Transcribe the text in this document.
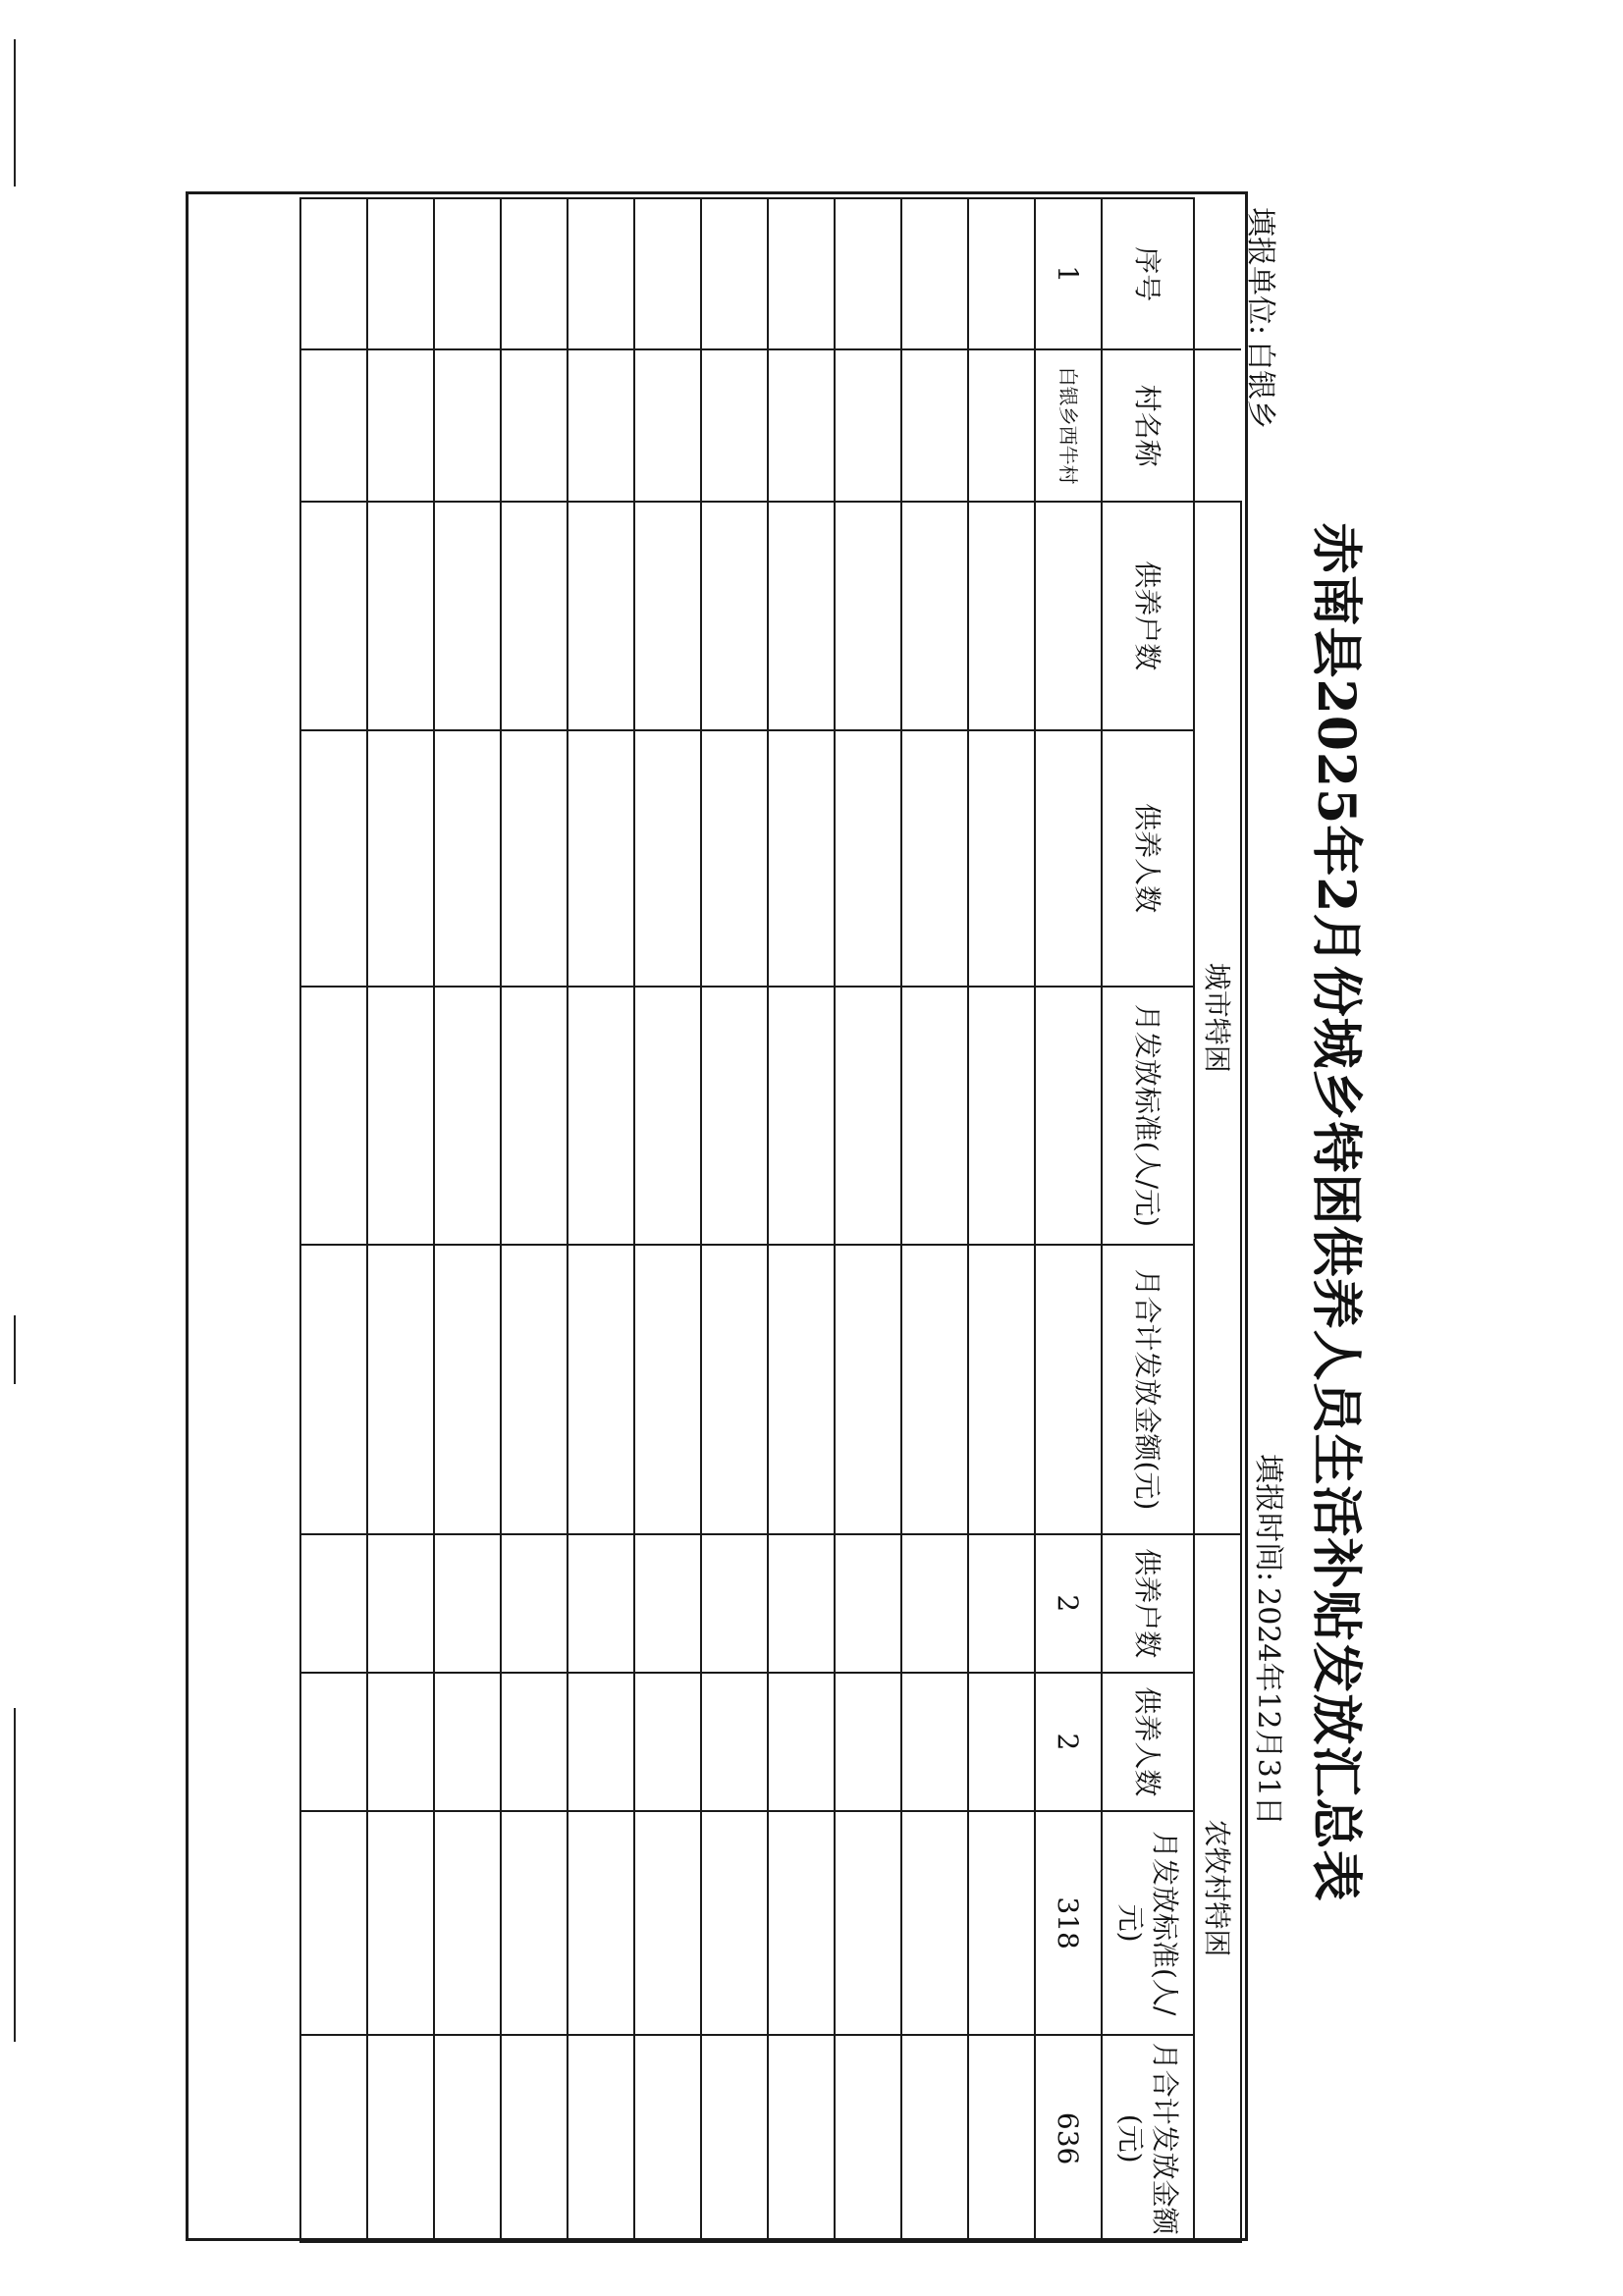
赤南县2025年2月份城乡特困供养人员生活补贴发放汇总表
填报单位:白银乡
填报时间:2024年12月31日
		城市特困				农牧村特困			
序号	村名称	供养户数	供养人数	月发放标准(人/元)	月合计发放金额(元)	供养户数	供养人数	月发放标准(人/元)	月合计发放金额(元)
1	白银乡西牛村					2	2	318	636
